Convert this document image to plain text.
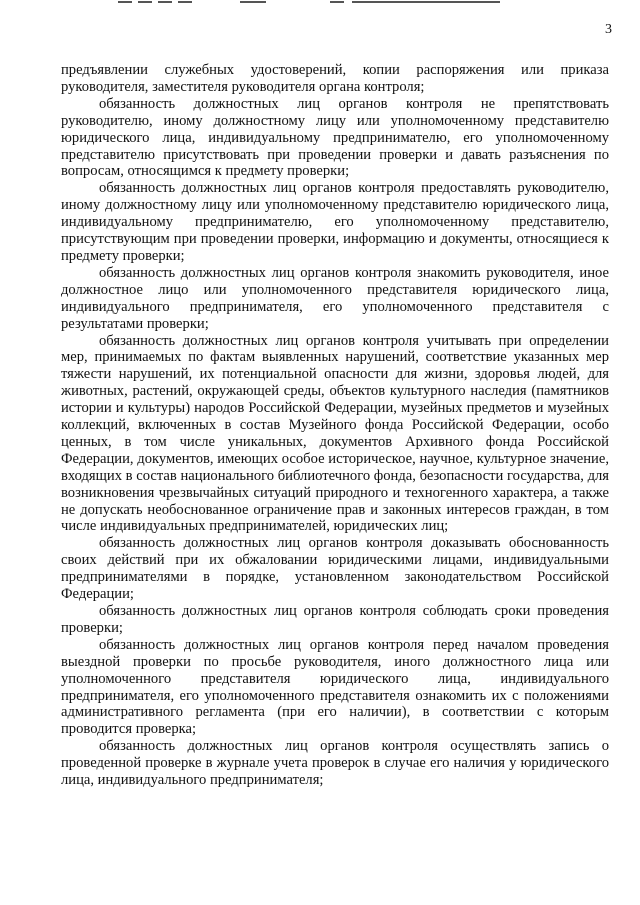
3

предъявлении служебных удостоверений, копии распоряжения или приказа руководителя, заместителя руководителя органа контроля;

обязанность должностных лиц органов контроля не препятствовать руководителю, иному должностному лицу или уполномоченному представителю юридического лица, индивидуальному предпринимателю, его уполномоченному представителю присутствовать при проведении проверки и давать разъяснения по вопросам, относящимся к предмету проверки;

обязанность должностных лиц органов контроля предоставлять руководителю, иному должностному лицу или уполномоченному представителю юридического лица, индивидуальному предпринимателю, его уполномоченному представителю, присутствующим при проведении проверки, информацию и документы, относящиеся к предмету проверки;

обязанность должностных лиц органов контроля знакомить руководителя, иное должностное лицо или уполномоченного представителя юридического лица, индивидуального предпринимателя, его уполномоченного представителя с результатами проверки;

обязанность должностных лиц органов контроля учитывать при определении мер, принимаемых по фактам выявленных нарушений, соответствие указанных мер тяжести нарушений, их потенциальной опасности для жизни, здоровья людей, для животных, растений, окружающей среды, объектов культурного наследия (памятников истории и культуры) народов Российской Федерации, музейных предметов и музейных коллекций, включенных в состав Музейного фонда Российской Федерации, особо ценных, в том числе уникальных, документов Архивного фонда Российской Федерации, документов, имеющих особое историческое, научное, культурное значение, входящих в состав национального библиотечного фонда, безопасности государства, для возникновения чрезвычайных ситуаций природного и техногенного характера, а также не допускать необоснованное ограничение прав и законных интересов граждан, в том числе индивидуальных предпринимателей, юридических лиц;

обязанность должностных лиц органов контроля доказывать обоснованность своих действий при их обжаловании юридическими лицами, индивидуальными предпринимателями в порядке, установленном законодательством Российской Федерации;

обязанность должностных лиц органов контроля соблюдать сроки проведения проверки;

обязанность должностных лиц органов контроля перед началом проведения выездной проверки по просьбе руководителя, иного должностного лица или уполномоченного представителя юридического лица, индивидуального предпринимателя, его уполномоченного представителя ознакомить их с положениями административного регламента (при его наличии), в соответствии с которым проводится проверка;

обязанность должностных лиц органов контроля осуществлять запись о проведенной проверке в журнале учета проверок в случае его наличия у юридического лица, индивидуального предпринимателя;
